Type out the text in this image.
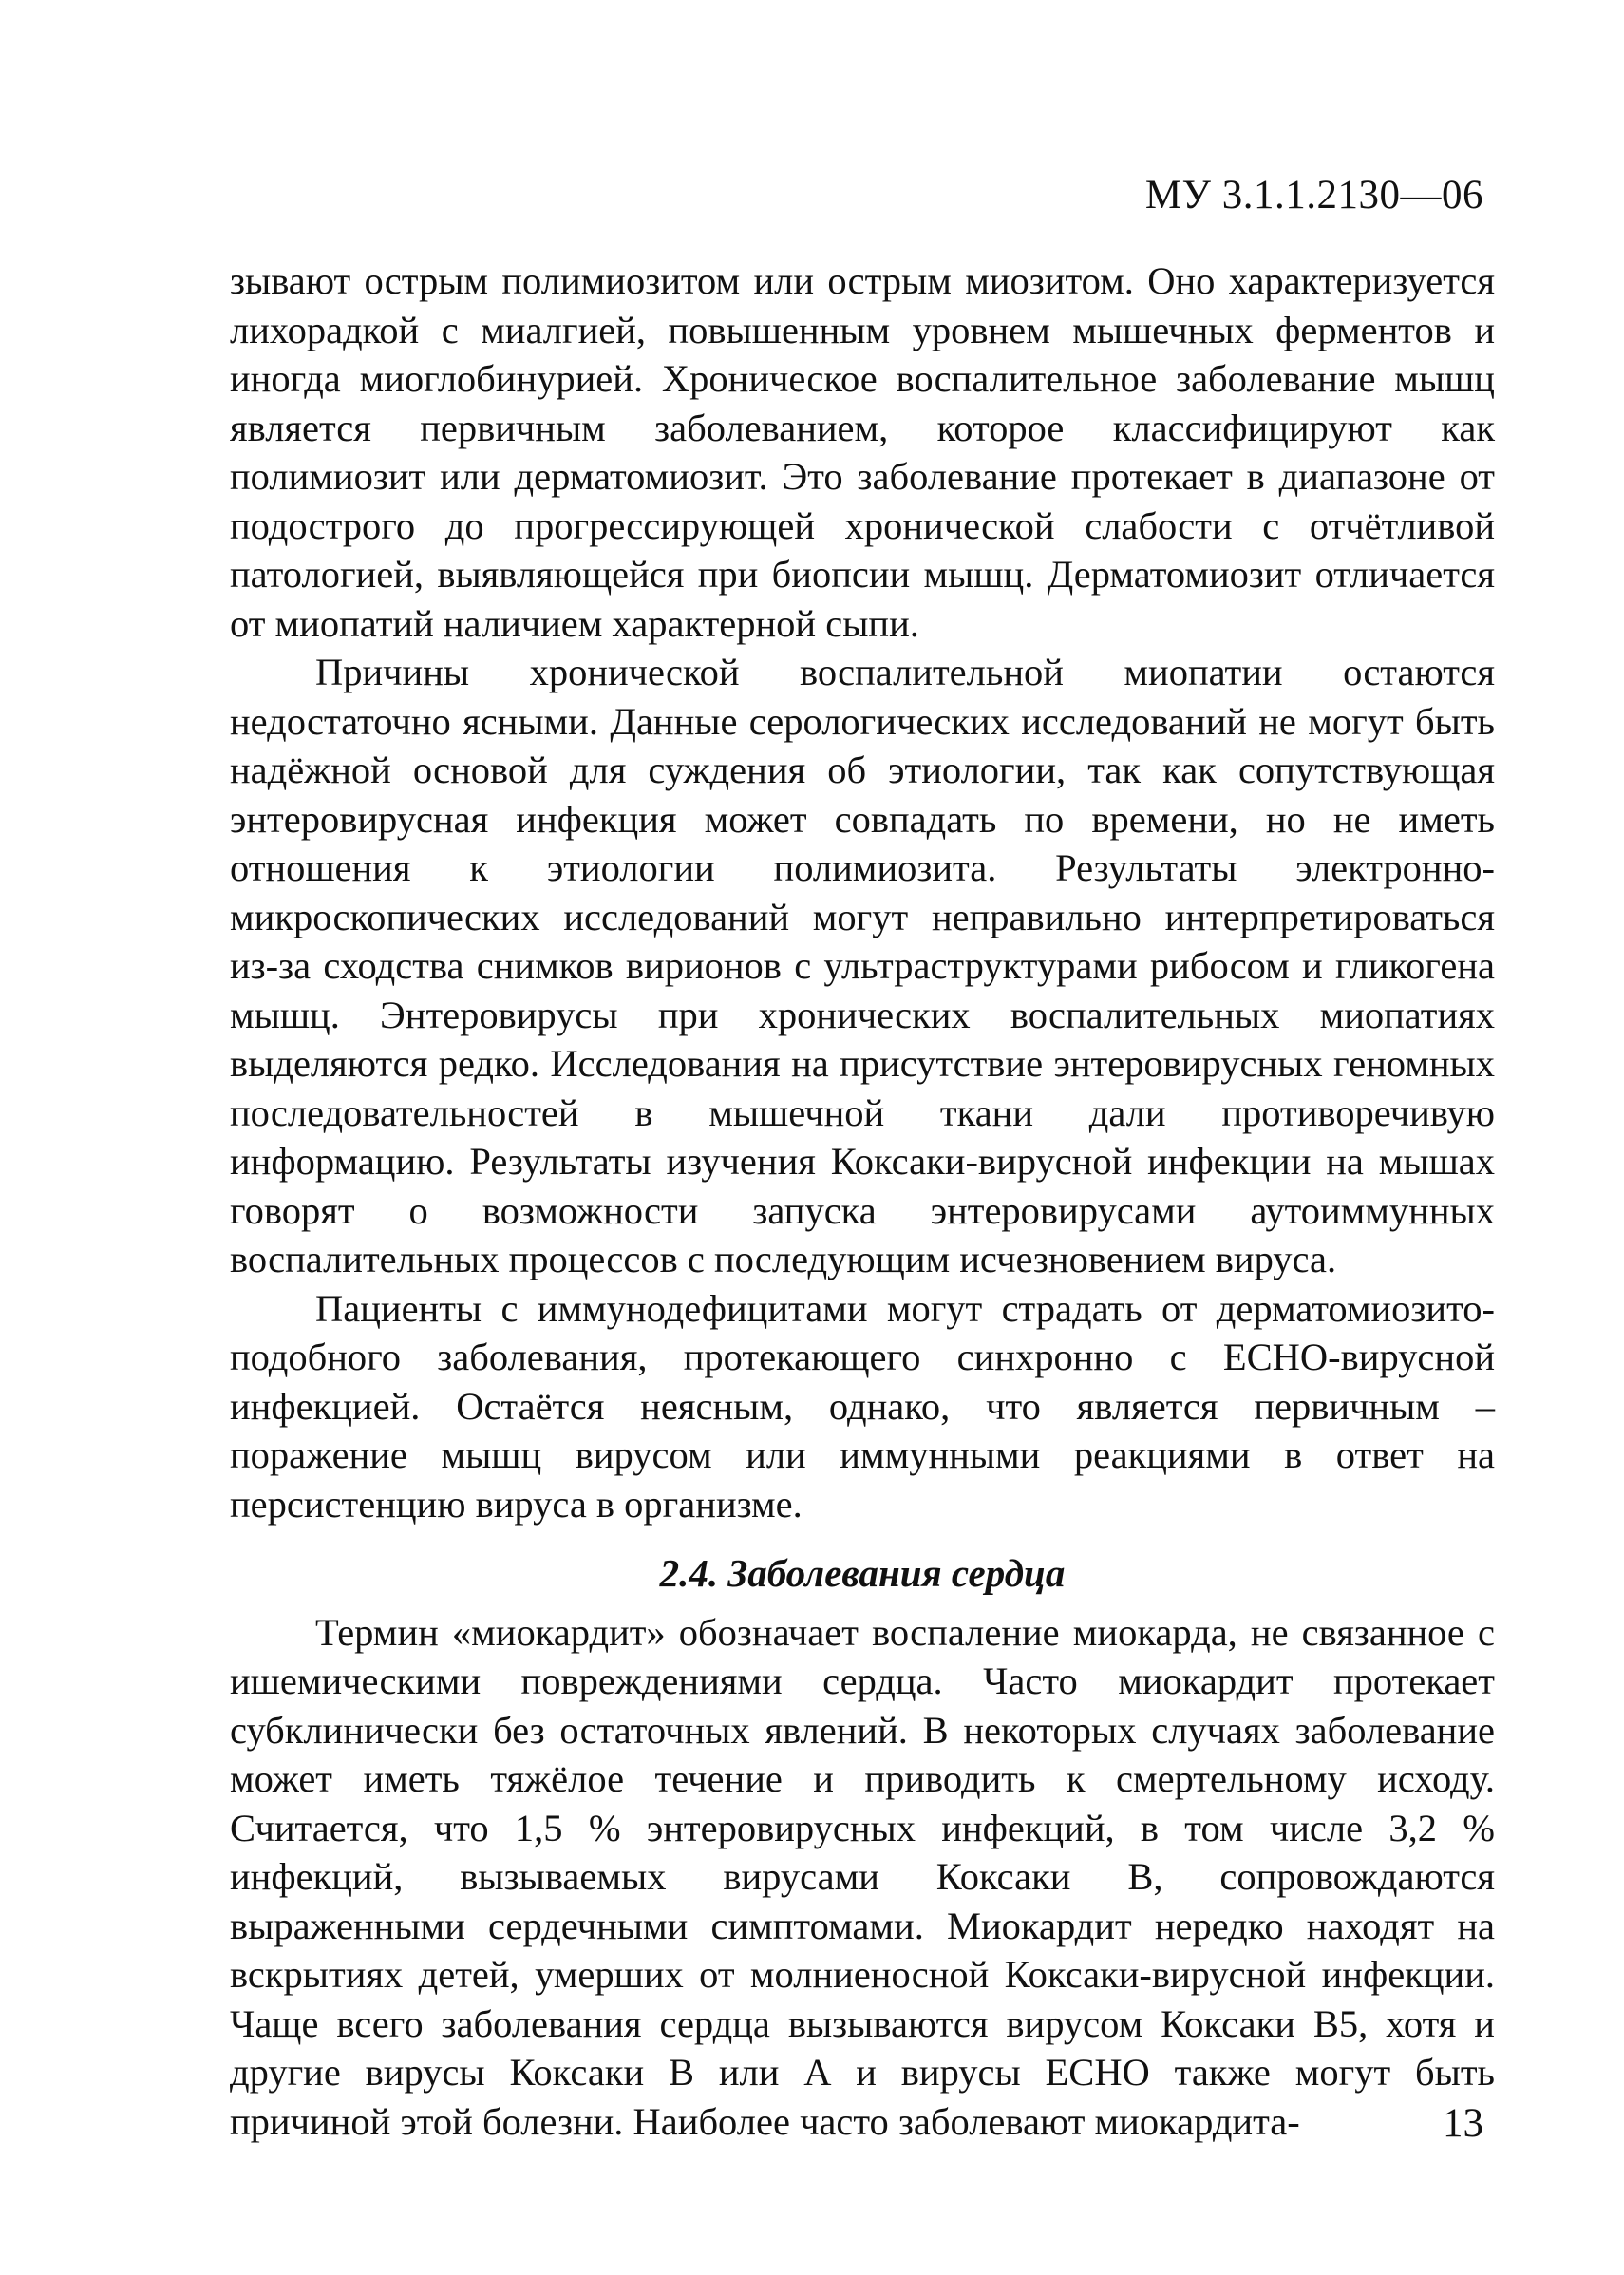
МУ 3.1.1.2130—06

зывают острым полимиозитом или острым миозитом. Оно характеризуется лихорадкой с миалгией, повышенным уровнем мышечных ферментов и иногда миоглобинурией. Хроническое воспалительное заболевание мышц является первичным заболеванием, которое классифицируют как полимиозит или дерматомиозит. Это заболевание протекает в диапазоне от подострого до прогрессирующей хронической слабости с отчётливой патологией, выявляющейся при биопсии мышц. Дерматомиозит отличается от миопатий наличием характерной сыпи.

Причины хронической воспалительной миопатии остаются недостаточно ясными. Данные серологических исследований не могут быть надёжной основой для суждения об этиологии, так как сопутствующая энтеровирусная инфекция может совпадать по времени, но не иметь отношения к этиологии полимиозита. Результаты электронно-микроскопических исследований могут неправильно интерпретироваться из-за сходства снимков вирионов с ультраструктурами рибосом и гликогена мышц. Энтеровирусы при хронических воспалительных миопатиях выделяются редко. Исследования на присутствие энтеровирусных геномных последовательностей в мышечной ткани дали противоречивую информацию. Результаты изучения Коксаки-вирусной инфекции на мышах говорят о возможности запуска энтеровирусами аутоиммунных воспалительных процессов с последующим исчезновением вируса.

Пациенты с иммунодефицитами могут страдать от дерматомиозито-подобного заболевания, протекающего синхронно с ЕСНО-вирусной инфекцией. Остаётся неясным, однако, что является первичным – поражение мышц вирусом или иммунными реакциями в ответ на персистенцию вируса в организме.

2.4. Заболевания сердца

Термин «миокардит» обозначает воспаление миокарда, не связанное с ишемическими повреждениями сердца. Часто миокардит протекает субклинически без остаточных явлений. В некоторых случаях заболевание может иметь тяжёлое течение и приводить к смертельному исходу. Считается, что 1,5 % энтеровирусных инфекций, в том числе 3,2 % инфекций, вызываемых вирусами Коксаки В, сопровождаются выраженными сердечными симптомами. Миокардит нередко находят на вскрытиях детей, умерших от молниеносной Коксаки-вирусной инфекции. Чаще всего заболевания сердца вызываются вирусом Коксаки В5, хотя и другие вирусы Коксаки В или А и вирусы ЕСНО также могут быть причиной этой болезни. Наиболее часто заболевают миокардита-	13
